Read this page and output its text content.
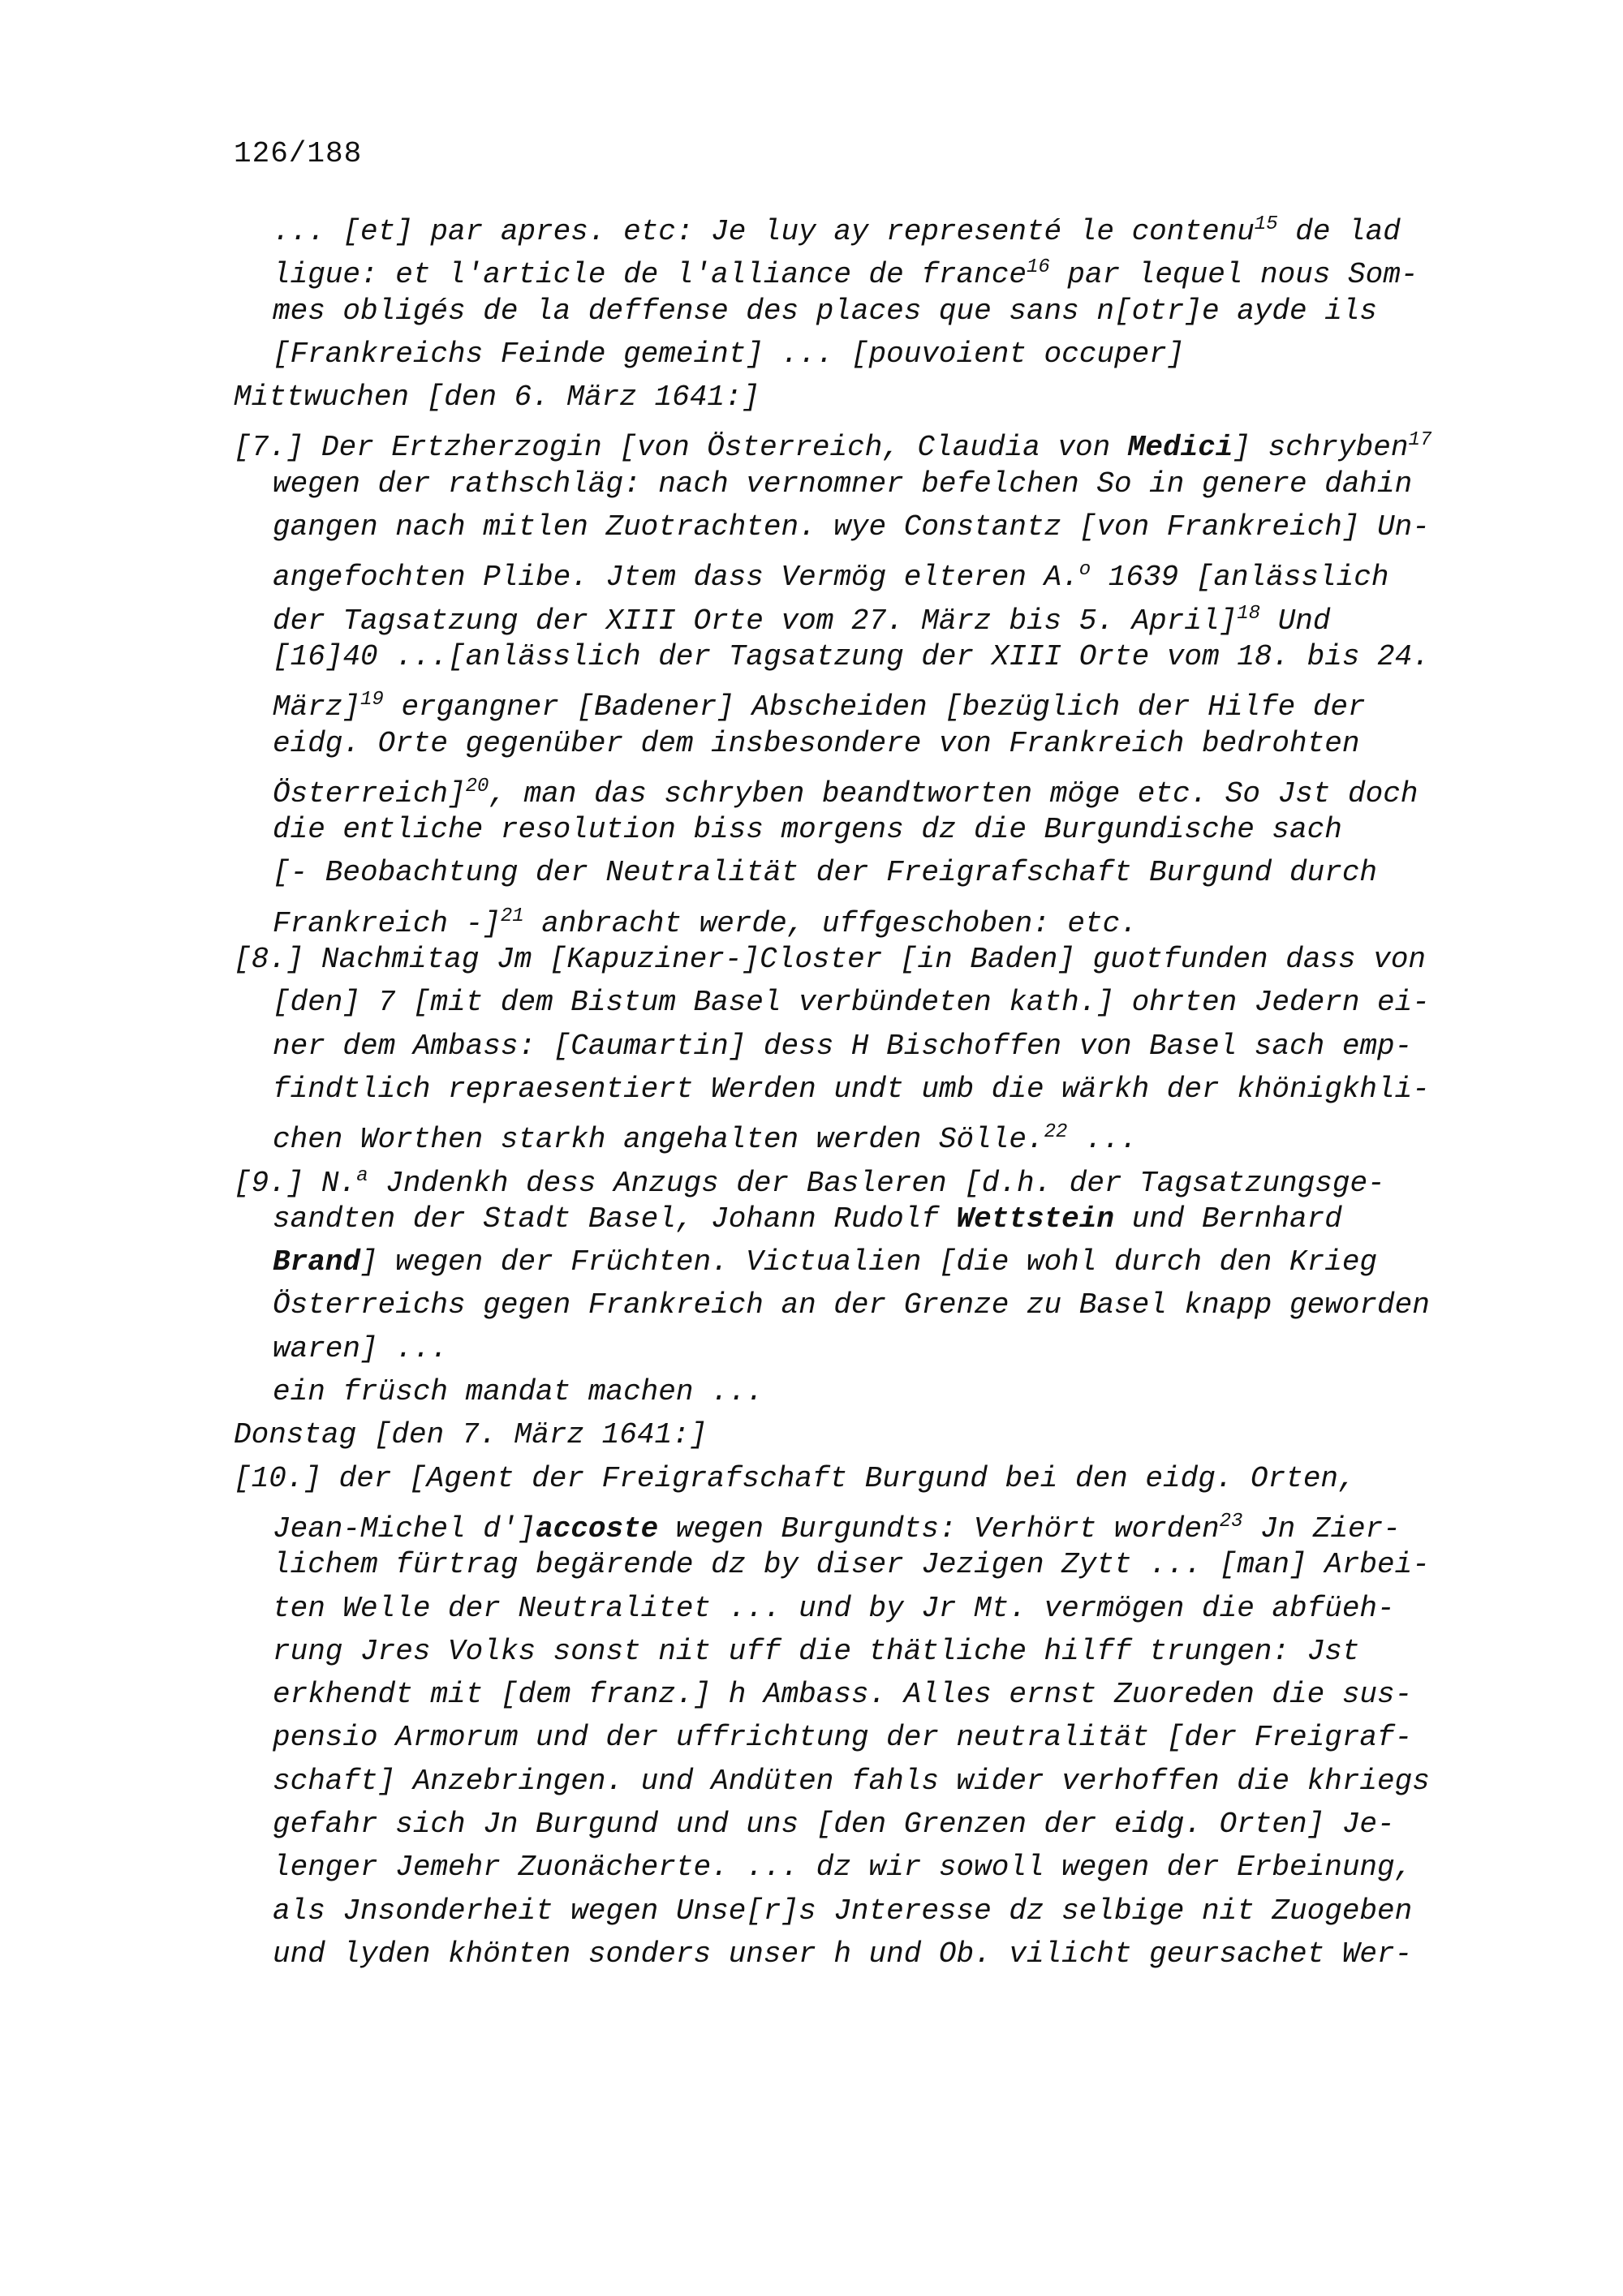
126/188
... [et] par apres. etc: Je luy ay representé le contenu$^{15}$ de lad
ligue: et l'article de l'alliance de france$^{16}$ par lequel nous Som-
mes obligés de la deffense des places que sans n[otr]e ayde ils
[Frankreichs Feinde gemeint] ... [pouvoient occuper]
Mittwuchen [den 6. März 1641:]
[7.] Der Ertzherzogin [von Österreich, Claudia von Medici] schryben$^{17}$
wegen der rathschläg: nach vernomner befelchen So in genere dahin
gangen nach mitlen Zuotrachten. wye Constantz [von Frankreich] Un-
angefochten Plibe. Jtem dass Vermög elteren A.$^o$ 1639 [anlässlich
der Tagsatzung der XIII Orte vom 27. März bis 5. April]$^{18}$ Und
[16]40 ...[anlässlich der Tagsatzung der XIII Orte vom 18. bis 24.
März]$^{19}$ ergangner [Badener] Abscheiden [bezüglich der Hilfe der
eidg. Orte gegenüber dem insbesondere von Frankreich bedrohten
Österreich]$^{20}$, man das schryben beandtworten möge etc. So Jst doch
die entliche resolution biss morgens dz die Burgundische sach
[- Beobachtung der Neutralität der Freigrafschaft Burgund durch
Frankreich -]$^{21}$ anbracht werde, uffgeschoben: etc.
[8.] Nachmitag Jm [Kapuziner-]Closter [in Baden] guotfunden dass von
[den] 7 [mit dem Bistum Basel verbündeten kath.] ohrten Jedern ei-
ner dem Ambass: [Caumartin] dess H Bischoffen von Basel sach emp-
findtlich repraesentiert Werden undt umb die wärkh der khönigkhli-
chen Worthen starkh angehalten werden Sölle.$^{22}$ ...
[9.] N.$^a$ Jndenkh dess Anzugs der Basleren [d.h. der Tagsatzungsge-
sandten der Stadt Basel, Johann Rudolf Wettstein und Bernhard
Brand] wegen der Früchten. Victualien [die wohl durch den Krieg
Österreichs gegen Frankreich an der Grenze zu Basel knapp geworden
waren] ...
ein früsch mandat machen ...
Donstag [den 7. März 1641:]
[10.] der [Agent der Freigrafschaft Burgund bei den eidg. Orten,
Jean-Michel d']accoste wegen Burgundts: Verhört worden$^{23}$ Jn Zier-
lichem fürtrag begärende dz by diser Jezigen Zytt ... [man] Arbei-
ten Welle der Neutralitet ... und by Jr Mt. vermögen die abfüeh-
rung Jres Volks sonst nit uff die thätliche hilff trungen: Jst
erkhendt mit [dem franz.] h Ambass. Alles ernst Zuoreden die sus-
pensio Armorum und der uffrichtung der neutralität [der Freigraf-
schaft] Anzebringen. und Andüten fahls wider verhoffen die khriegs
gefahr sich Jn Burgund und uns [den Grenzen der eidg. Orten] Je-
lenger Jemehr Zuonächerte. ... dz wir sowoll wegen der Erbeinung,
als Jnsonderheit wegen Unse[r]s Jnteresse dz selbige nit Zuogeben
und lyden khönten sonders unser h und Ob. vilicht geursachet Wer-
